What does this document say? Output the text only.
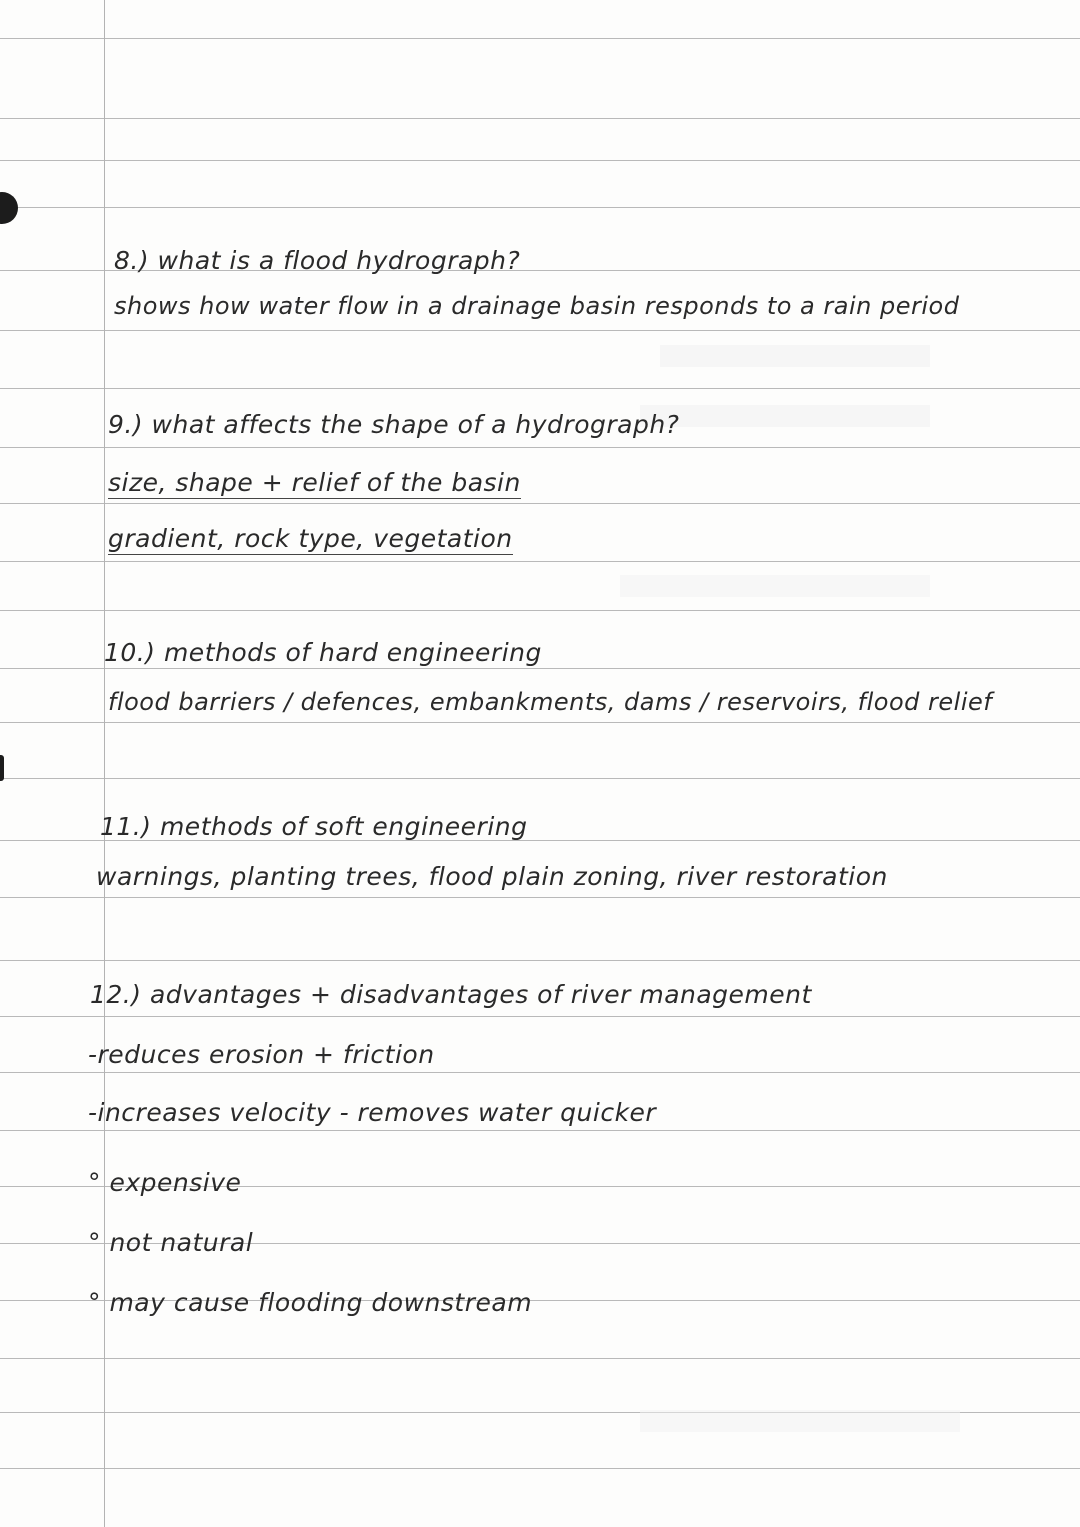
8.) what is a flood hydrograph?
shows how water flow in a drainage basin responds to a rain period
9.) what affects the shape of a hydrograph?
size, shape + relief of the basin
gradient, rock type, vegetation
10.) methods of hard engineering
flood barriers / defences, embankments, dams / reservoirs, flood relief
11.) methods of soft engineering
warnings, planting trees, flood plain zoning, river restoration
12.) advantages + disadvantages of river management
-reduces erosion + friction
-increases velocity - removes water quicker
° expensive
° not natural
° may cause flooding downstream
